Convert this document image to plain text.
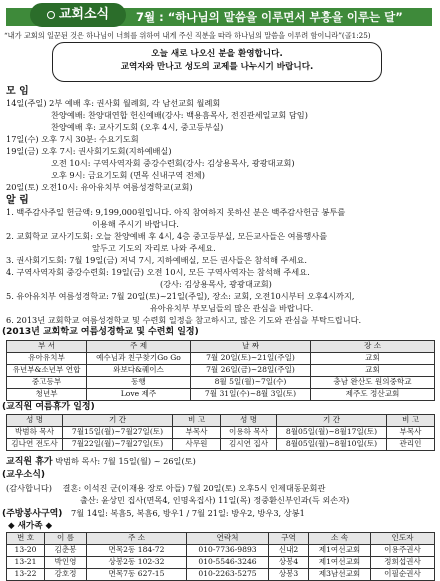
교회소식 7월 : “하나님의 말씀을 이루면서 부흥을 이루는 달”
“내가 교회의 일꾼된 것은 하나님이 너희를 위하여 내게 주신 직분을 따라 하나님의 말씀을 이루려 함이니라”(골1:25)
오늘 새로 나오신 분을 환영합니다.
교역자와 만나고 성도의 교제를 나누시기 바랍니다.
모 임
14일(주일) 2부 예배 후: 권사회 월례회, 각 남선교회 월례회
찬양예배: 찬양대연합 헌신예배(강사: 백용흠목사, 전진관세일교회 담임)
찬양예배 후: 교사기도회 (오후 4시, 중고등부실)
17일(수) 오후 7시 30분: 수요기도회
19일(금) 오후 7시: 권사회기도회(지하예배실)
오전 10시: 구역사역자회 중강수련회(강사: 김상용목사, 광광대교회)
오후 9시: 금요기도회 (면목 신내구역 전체)
20일(토) 오전10시: 유아유치부 여름성경학교(교회)
알 림
1. 백주감사주일 헌금액: 9,199,000원입니다. 아직 참여하지 못하신 분은 백주감사헌금 봉투를
이용해 주시기 바랍니다.
2. 교회학교 교사기도회: 오늘 찬양예배 후 4시, 4층 중고등부실, 모든교사들은 여름행사를
앞두고 기도의 자리로 나와 주세요.
3. 권사회기도회: 7월 19일(금) 저녁 7시, 지하예배실, 모든 권사들은 참석해 주세요.
4. 구역사역자회 중강수련회: 19일(금) 오전 10시, 모든 구역사역자는 참석해 주세요.
(강사: 김상용목사, 광광대교회)
5. 유아유치부 여름성경학교: 7월 20일(토)~21일(주일), 장소: 교회, 오전10시부터 오후4시까지,
유아유치부 부모님들의 많은 관심을 바랍니다.
6. 2013년 교회학교 여름성경학교 및 수련회 일정을 참고하시고, 많은 기도와 관심을 부탁드립니다.
(2013년 교회학교 여름성경학교 및 수련회 일정)
부 서	주 제	날 짜	장 소
유아유치부	예수님과 친구찾기Go Go	7월 20일(토)~21일(주일)	교회
유년부&소년부 연합	와보다&퀘이스	7월 26일(금)~28일(주일)	교회
중고등부	동행	8월 5일(월)~7일(수)	충남 완산도 원의중학교
청년부	Love 제주	7월 31일(수)~8월 3일(토)	제주도 정산교회
(교직원 여름휴가 일정)
성 명	기 간	비 고	성 명	기 간	비 고
박범하 목사	7월15일(월)~7월27일(토)	부목사	이용하 목사	8월05일(월)~8월17일(토)	부목사
김나연 전도사	7월22일(월)~7월27일(토)	사무원	김시연 집사	8월05일(월)~8월10일(토)	관리인
교직원 휴가 박범하 목사: 7월 15일(월) ~ 26일(토)
(교우소식)
(감사합니다) 결혼: 이석진 군(이재용 장로 아들) 7월 20일(토) 오후5시 인제대동문회관
출산: 윤상민 집사(면목4, 인명옥집사) 11일(목) 정중환신부인과(득 외손자)
(주방봉사구역) 7월 14일: 복흠5, 복흠6, 방우1 / 7월 21일: 방우2, 방우3, 상봉1
◆ 새가족 ◆
번 호	이 름	주 소	연락처	구역	소 속	인도자
13-20	김춘봉	면목2동 184-72	010-7736-9893	신내2	제1여선교회	이용주권사
13-21	박인영	상봉2동 102-32	010-5546-3246	상봉4	제1여선교회	정희섭권사
13-22	강호정	면목7동 627-15	010-2263-5275	상봉3	제3남선교회	이필순권사
